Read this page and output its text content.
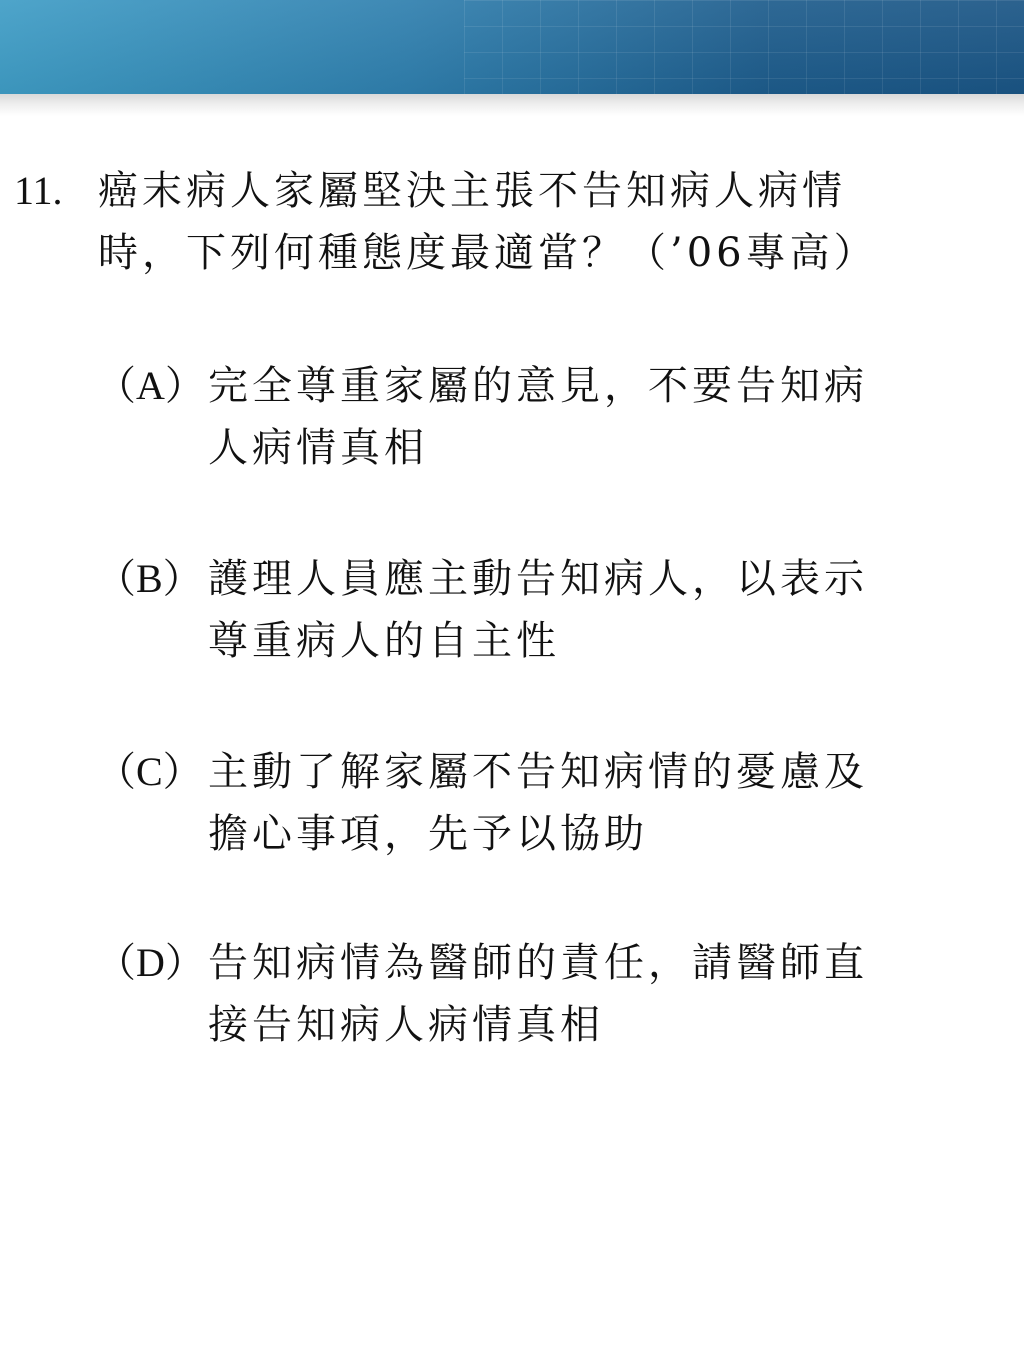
11. 癌末病人家屬堅決主張不告知病人病情
時，下列何種態度最適當？（’06專高）
（A） 完全尊重家屬的意見，不要告知病
人病情真相
（B） 護理人員應主動告知病人，以表示
尊重病人的自主性
（C） 主動了解家屬不告知病情的憂慮及
擔心事項，先予以協助
（D） 告知病情為醫師的責任，請醫師直
接告知病人病情真相
